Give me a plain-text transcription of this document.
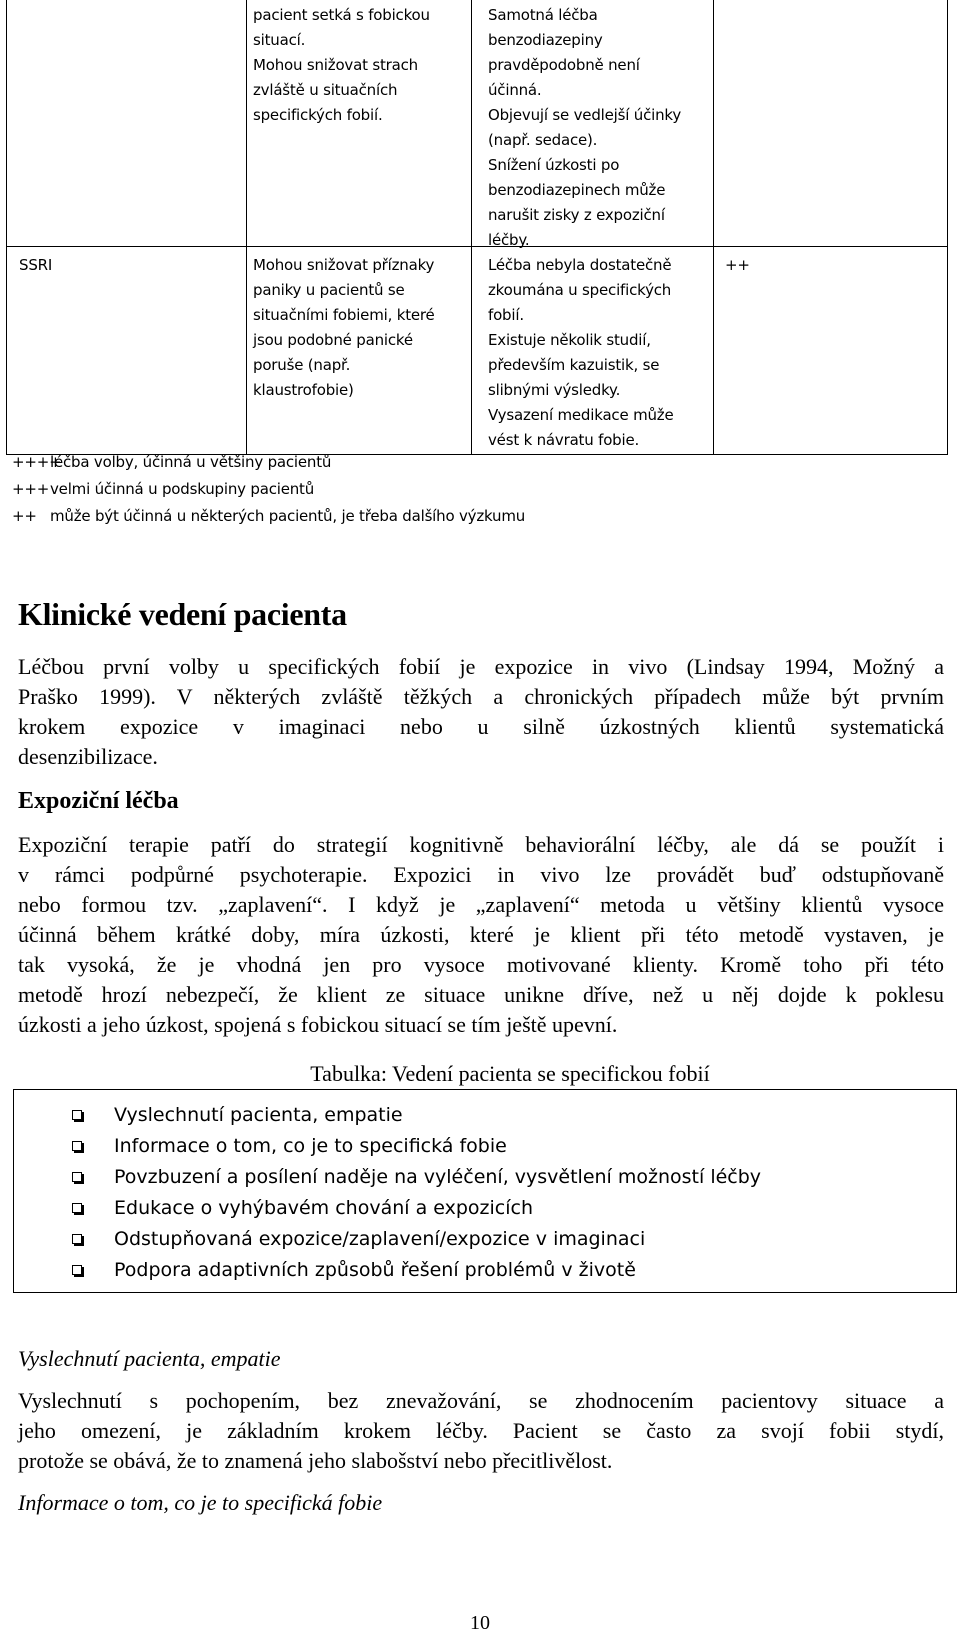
pacient setká s fobickou
situací.
Mohou snižovat strach
zvláště u situačních
specifických fobií.
Samotná léčba
benzodiazepiny
pravděpodobně není
účinná.
Objevují se vedlejší účinky
(např. sedace).
Snížení úzkosti po
benzodiazepinech může
narušit zisky z expoziční
léčby.
SSRI	Mohou snižovat příznaky
paniky u pacientů se
situačními fobiemi, které
jsou podobné panické
poruše (např.
klaustrofobie)
Léčba nebyla dostatečně
zkoumána u specifických
fobií.
Existuje několik studií,
především kazuistik, se
slibnými výsledky.
Vysazení medikace může
vést k návratu fobie.
++
++++léčba volby, účinná u většiny pacientů
+++velmi účinná u podskupiny pacientů
++ může být účinná u některých pacientů, je třeba dalšího výzkumu
Klinické vedení pacienta
Léčbou první volby u specifických fobií je expozice in vivo (Lindsay 1994, Možný a
Praško 1999). V některých zvláště těžkých a chronických případech může být prvním
krokem expozice v imaginaci nebo u silně úzkostných klientů systematická
desenzibilizace.
Expoziční léčba
Expoziční terapie patří do strategií kognitivně behaviorální léčby, ale dá se použít i
v rámci podpůrné psychoterapie. Expozici in vivo lze provádět buď odstupňovaně
nebo formou tzv. „zaplavení“. I když je „zaplavení“ metoda u většiny klientů vysoce
účinná během krátké doby, míra úzkosti, které je klient při této metodě vystaven, je
tak vysoká, že je vhodná jen pro vysoce motivované klienty. Kromě toho při této
metodě hrozí nebezpečí, že klient ze situace unikne dříve, než u něj dojde k poklesu
úzkosti a jeho úzkost, spojená s fobickou situací se tím ještě upevní.
Tabulka: Vedení pacienta se specifickou fobií
Vyslechnutí pacienta, empatie
Informace o tom, co je to specifická fobie
Povzbuzení a posílení naděje na vyléčení, vysvětlení možností léčby
Edukace o vyhýbavém chování a expozicích
Odstupňovaná expozice/zaplavení/expozice v imaginaci
Podpora adaptivních způsobů řešení problémů v životě
Vyslechnutí pacienta, empatie
Vyslechnutí s pochopením, bez znevažování, se zhodnocením pacientovy situace a
jeho omezení, je základním krokem léčby. Pacient se často za svojí fobii stydí,
protože se obává, že to znamená jeho slabošství nebo přecitlivělost.
Informace o tom, co je to specifická fobie
10
